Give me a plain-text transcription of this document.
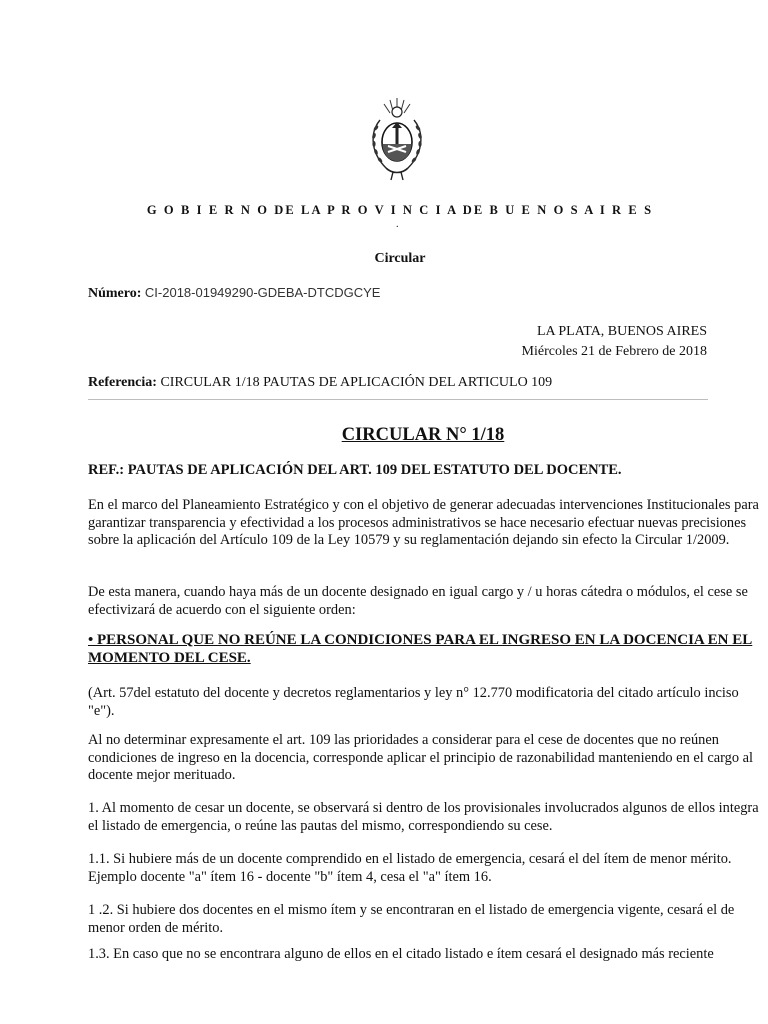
G O B I E R N O DE LA P R O V I N C I A DE B U E N O S A I R E S
.
Circular
Número: CI-2018-01949290-GDEBA-DTCDGCYE
LA PLATA, BUENOS AIRES
Miércoles 21 de Febrero de 2018
Referencia: CIRCULAR 1/18 PAUTAS DE APLICACIÓN DEL ARTICULO 109
CIRCULAR N° 1/18
REF.: PAUTAS DE APLICACIÓN DEL ART. 109 DEL ESTATUTO DEL DOCENTE.
En el marco del Planeamiento Estratégico y con el objetivo de generar adecuadas intervenciones Institucionales para garantizar transparencia y efectividad a los procesos administrativos se hace necesario efectuar nuevas precisiones sobre la aplicación del Artículo 109 de la Ley 10579 y su reglamentación dejando sin efecto la Circular 1/2009.
De esta manera, cuando haya más de un docente designado en igual cargo y / u horas cátedra o módulos, el cese se efectivizará de acuerdo con el siguiente orden:
• PERSONAL QUE NO REÚNE LA CONDICIONES PARA EL INGRESO EN LA DOCENCIA EN EL MOMENTO DEL CESE.
(Art. 57del estatuto del docente y decretos reglamentarios y ley n° 12.770 modificatoria del citado artículo inciso "e").
Al no determinar expresamente el art. 109 las prioridades a considerar para el cese de docentes que no reúnen condiciones de ingreso en la docencia, corresponde aplicar el principio de razonabilidad manteniendo en el cargo al docente mejor merituado.
1. Al momento de cesar un docente, se observará si dentro de los provisionales involucrados algunos de ellos integra el listado de emergencia, o reúne las pautas del mismo, correspondiendo su cese.
1.1. Si hubiere más de un docente comprendido en el listado de emergencia, cesará el del ítem de menor mérito. Ejemplo docente "a" ítem 16 - docente "b" ítem 4, cesa el "a" ítem 16.
1 .2. Si hubiere dos docentes en el mismo ítem y se encontraran en el listado de emergencia vigente, cesará el de menor orden de mérito.
1.3. En caso que no se encontrara alguno de ellos en el citado listado e ítem cesará el designado más reciente
